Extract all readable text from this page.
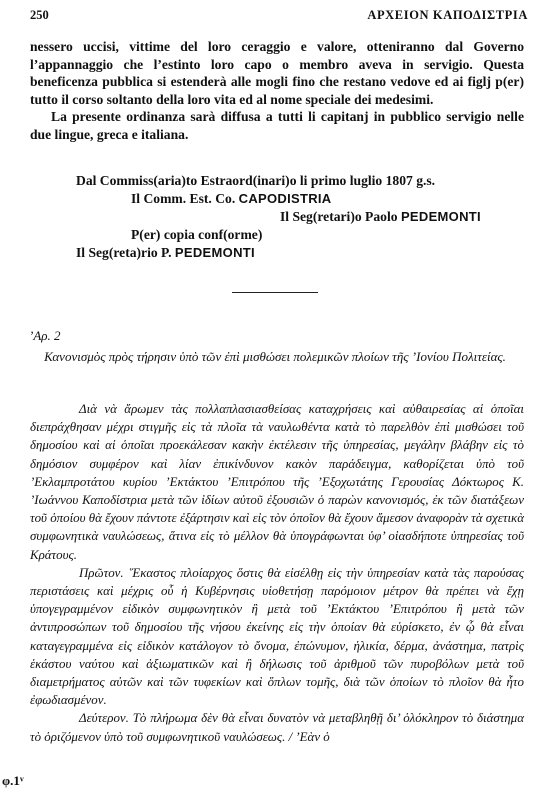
250	ΑΡΧΕΙΟΝ ΚΑΠΟΔΙΣΤΡΙΑ

nessero uccisi, vittime del loro ceraggio e valore, otteniranno dal Governo l’appannaggio che l’estinto loro capo o membro aveva in servigio. Questa beneficenza pubblica si estenderà alle mogli fino che restano vedove ed ai figlj p(er) tutto il corso soltanto della loro vita ed al nome speciale dei medesimi.

La presente ordinanza sarà diffusa a tutti li capitanj in pubblico servigio nelle due lingue, greca e italiana.

Dal Commiss(aria)to Estraord(inari)o li primo luglio 1807 g.s.
Il Comm. Est. Co. CAPODISTRIA
Il Seg(retari)o Paolo PEDEMONTI
P(er) copia conf(orme)
Il Seg(reta)rio P. PEDEMONTI
’Αρ. 2
Κανονισμὸς πρὸς τήρησιν ὑπὸ τῶν ἐπὶ μισθώσει πολεμικῶν πλοίων τῆς ’Ιονίου Πολιτείας.

Διὰ νὰ ἄρωμεν τὰς πολλαπλασιασθείσας καταχρήσεις καὶ αὐθαιρεσίας αἱ ὁποῖαι διεπράχθησαν μέχρι στιγμῆς εἰς τὰ πλοῖα τὰ ναυλωθέντα κατὰ τὸ παρελθὸν ἐπὶ μισθώσει τοῦ δημοσίου καὶ αἱ ὁποῖαι προεκάλεσαν κακὴν ἐκτέλεσιν τῆς ὑπηρεσίας, μεγάλην βλάβην εἰς τὸ δημόσιον συμφέρον καὶ λίαν ἐπικίνδυνον κακὸν παράδειγμα, καθορίζεται ὑπὸ τοῦ ’Εκλαμπροτάτου κυρίου ’Εκτάκτου ’Επιτρόπου τῆς ’Εξοχωτάτης Γερουσίας Δόκτωρος Κ. ’Ιωάννου Καποδίστρια μετὰ τῶν ἰδίων αὐτοῦ ἐξουσιῶν ὁ παρὼν κανονισμός, ἐκ τῶν διατάξεων τοῦ ὁποίου θὰ ἔχουν πάντοτε ἐξάρτησιν καὶ εἰς τὸν ὁποῖον θὰ ἔχουν ἄμεσον ἀναφορὰν τὰ σχετικὰ συμφωνητικὰ ναυλώσεως, ἅτινα εἰς τὸ μέλλον θὰ ὑπογράφωνται ὑφ’ οἱασδήποτε ὑπηρεσίας τοῦ Κράτους.

Πρῶτον. ῞Εκαστος πλοίαρχος ὅστις θὰ εἰσέλθῃ εἰς τὴν ὑπηρεσίαν κατὰ τὰς παρούσας περιστάσεις καὶ μέχρις οὗ ἡ Κυβέρνησις υἱοθετήσῃ παρόμοιον μέτρον θὰ πρέπει νὰ ἔχῃ ὑπογεγραμμένον εἰδικὸν συμφωνητικὸν ἢ μετὰ τοῦ ’Εκτάκτου ’Επιτρόπου ἢ μετὰ τῶν ἀντιπροσώπων τοῦ δημοσίου τῆς νήσου ἐκείνης εἰς τὴν ὁποίαν θὰ εὑρίσκετο, ἐν ᾧ θὰ εἶναι καταγεγραμμένα εἰς εἰδικὸν κατάλογον τὸ ὄνομα, ἐπώνυμον, ἡλικία, δέρμα, ἀνάστημα, πατρὶς ἑκάστου ναύτου καὶ ἀξιωματικῶν καὶ ἢ δήλωσις τοῦ ἀριθμοῦ τῶν πυροβόλων μετὰ τοῦ διαμετρήματος αὐτῶν καὶ τῶν τυφεκίων καὶ ὅπλων τομῆς, διὰ τῶν ὁποίων τὸ πλοῖον θὰ ἦτο ἐφωδιασμένον.

Δεύτερον. Τὸ πλήρωμα δὲν θὰ εἶναι δυνατὸν νὰ μεταβληθῇ δι’ ὁλόκληρον τὸ διάστημα τὸ ὁριζόμενον ὑπὸ τοῦ συμφωνητικοῦ ναυλώσεως. / ’Εὰν ὁ

φ.1ᵛ
